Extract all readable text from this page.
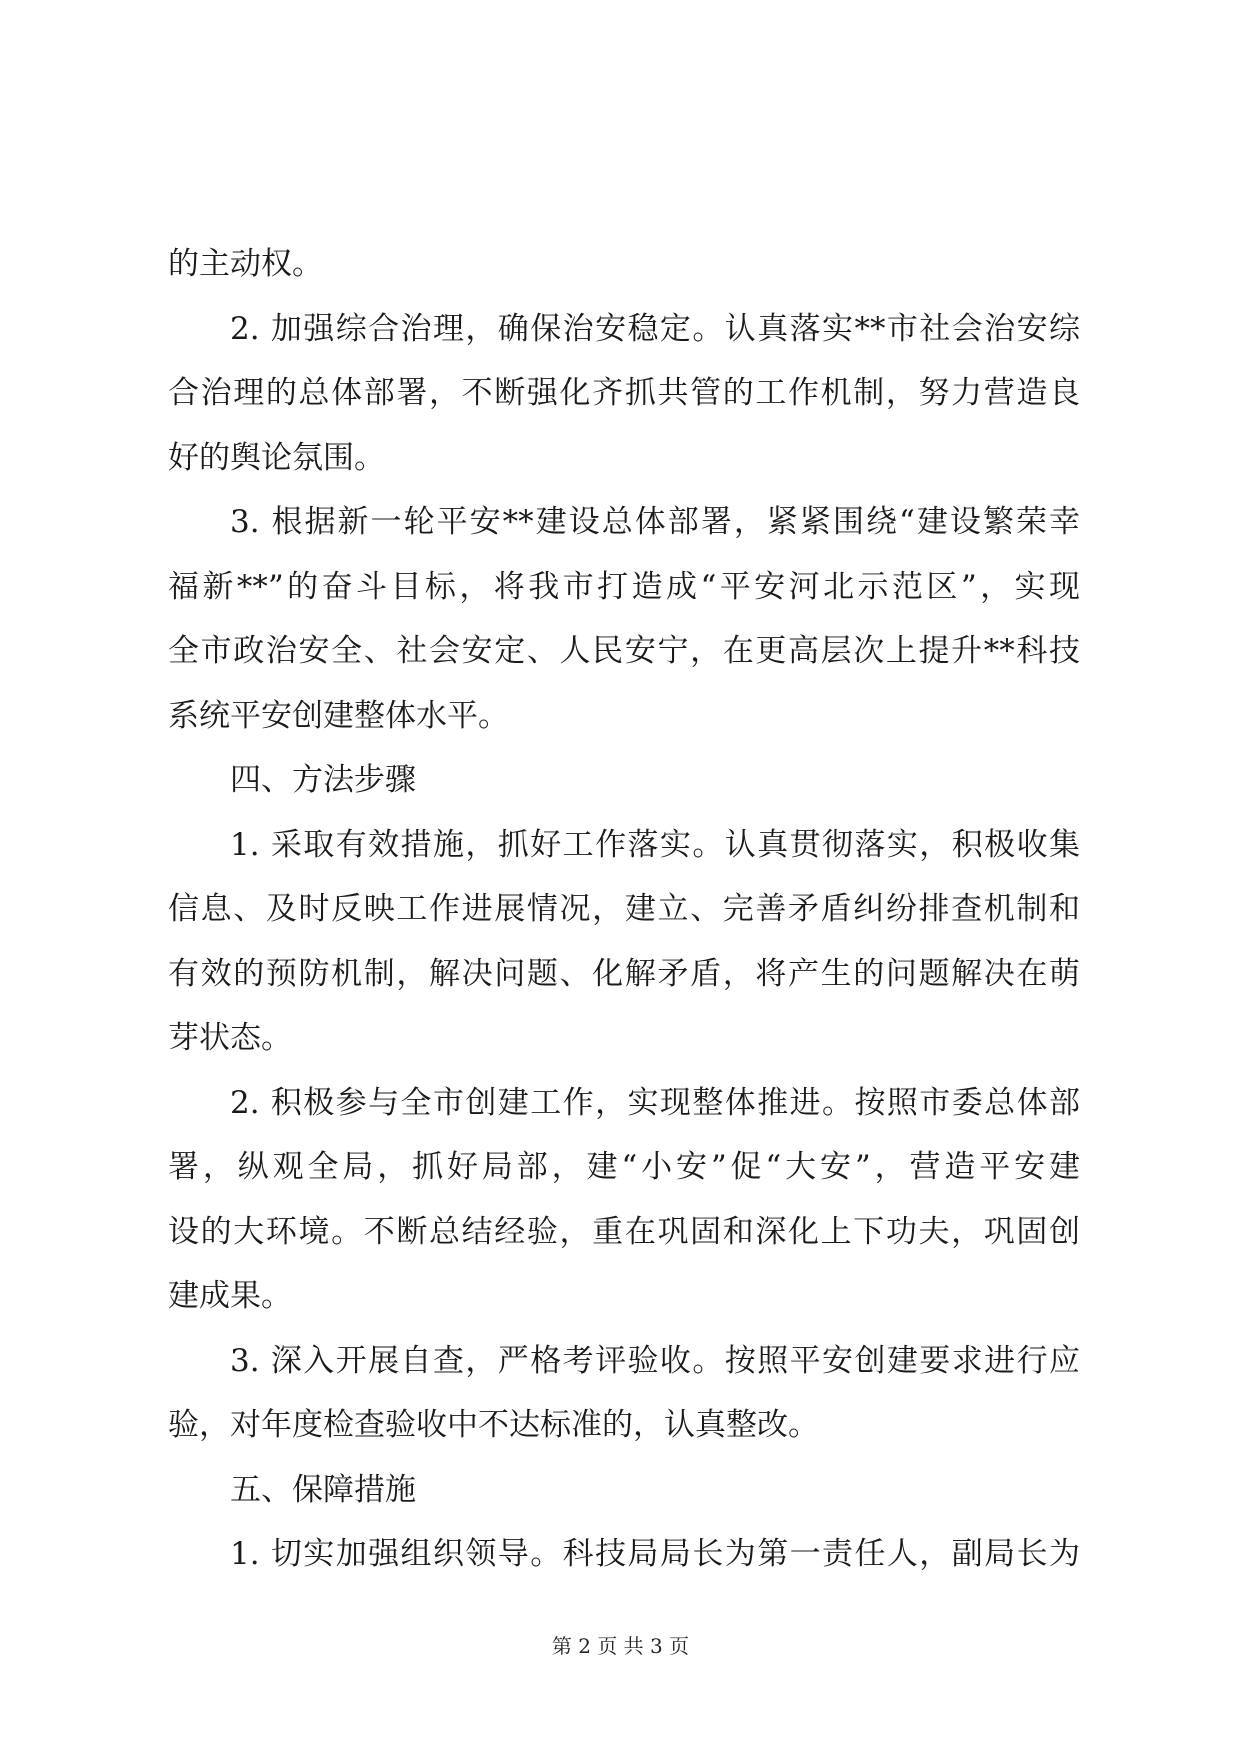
的主动权。
2. 加强综合治理，确保治安稳定。认真落实**市社会治安综
合治理的总体部署，不断强化齐抓共管的工作机制，努力营造良
好的舆论氛围。
3. 根据新一轮平安**建设总体部署，紧紧围绕“建设繁荣幸
福新**”的奋斗目标，将我市打造成“平安河北示范区”，实现
全市政治安全、社会安定、人民安宁，在更高层次上提升**科技
系统平安创建整体水平。
四、方法步骤
1. 采取有效措施，抓好工作落实。认真贯彻落实，积极收集
信息、及时反映工作进展情况，建立、完善矛盾纠纷排查机制和
有效的预防机制，解决问题、化解矛盾，将产生的问题解决在萌
芽状态。
2. 积极参与全市创建工作，实现整体推进。按照市委总体部
署，纵观全局，抓好局部，建“小安”促“大安”，营造平安建
设的大环境。不断总结经验，重在巩固和深化上下功夫，巩固创
建成果。
3. 深入开展自查，严格考评验收。按照平安创建要求进行应
验，对年度检查验收中不达标准的，认真整改。
五、保障措施
1. 切实加强组织领导。科技局局长为第一责任人，副局长为
第 2 页 共 3 页
